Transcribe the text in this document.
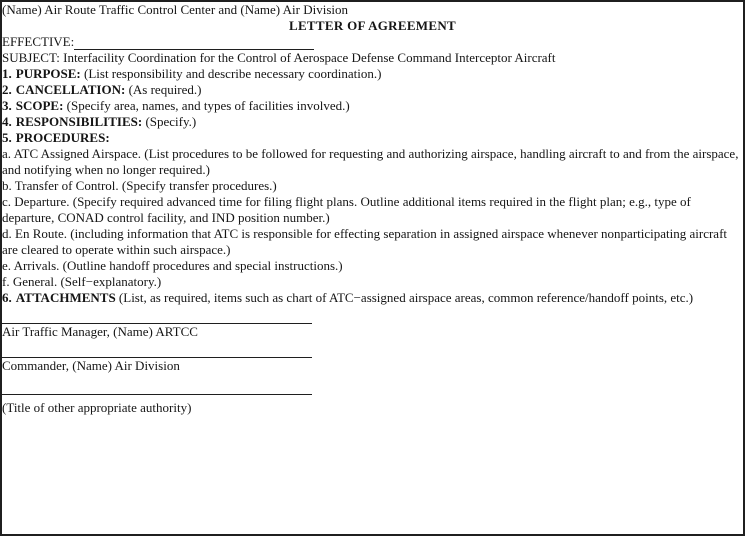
(Name) Air Route Traffic Control Center and (Name) Air Division

LETTER OF AGREEMENT

EFFECTIVE:

SUBJECT: Interfacility Coordination for the Control of Aerospace Defense Command Interceptor Aircraft

1. PURPOSE: (List responsibility and describe necessary coordination.)

2. CANCELLATION: (As required.)

3. SCOPE: (Specify area, names, and types of facilities involved.)

4. RESPONSIBILITIES: (Specify.)

5. PROCEDURES:

a. ATC Assigned Airspace. (List procedures to be followed for requesting and authorizing airspace, handling aircraft to and from the airspace, and notifying when no longer required.)

b. Transfer of Control. (Specify transfer procedures.)

c. Departure. (Specify required advanced time for filing flight plans. Outline additional items required in the flight plan; e.g., type of departure, CONAD control facility, and IND position number.)

d. En Route. (including information that ATC is responsible for effecting separation in assigned airspace whenever nonparticipating aircraft are cleared to operate within such airspace.)

e. Arrivals. (Outline handoff procedures and special instructions.)

f. General. (Self−explanatory.)

6. ATTACHMENTS (List, as required, items such as chart of ATC−assigned airspace areas, common reference/handoff points, etc.)

Air Traffic Manager, (Name) ARTCC

Commander, (Name) Air Division

(Title of other appropriate authority)
